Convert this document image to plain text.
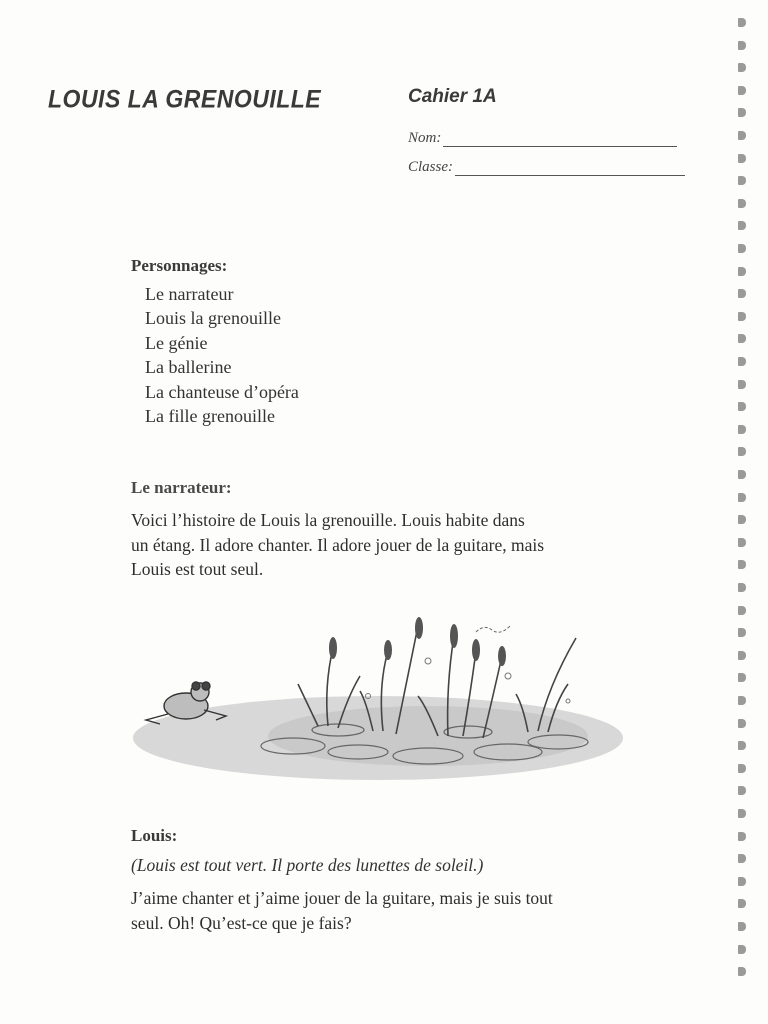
LOUIS LA GRENOUILLE	Cahier 1A
Nom:
Classe:
Personnages:
Le narrateur
Louis la grenouille
Le génie
La ballerine
La chanteuse d’opéra
La fille grenouille
Le narrateur:
Voici l’histoire de Louis la grenouille. Louis habite dans
un étang. Il adore chanter. Il adore jouer de la guitare, mais
Louis est tout seul.
Louis:
(Louis est tout vert. Il porte des lunettes de soleil.)
J’aime chanter et j’aime jouer de la guitare, mais je suis tout
seul. Oh! Qu’est-ce que je fais?
